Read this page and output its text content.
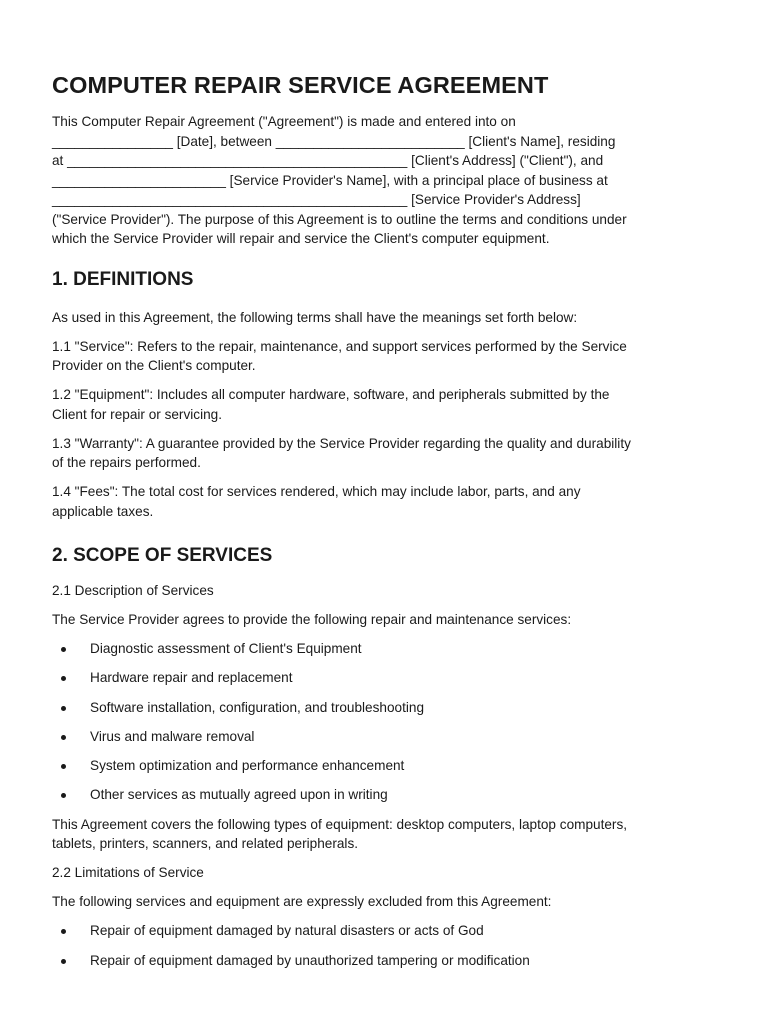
COMPUTER REPAIR SERVICE AGREEMENT
This Computer Repair Agreement ("Agreement") is made and entered into on
________________ [Date], between _________________________ [Client's Name], residing
at _____________________________________________ [Client's Address] ("Client"), and
_______________________ [Service Provider's Name], with a principal place of business at
_______________________________________________ [Service Provider's Address]
("Service Provider"). The purpose of this Agreement is to outline the terms and conditions under
which the Service Provider will repair and service the Client's computer equipment.
1. DEFINITIONS
As used in this Agreement, the following terms shall have the meanings set forth below:
1.1 "Service": Refers to the repair, maintenance, and support services performed by the Service
Provider on the Client's computer.
1.2 "Equipment": Includes all computer hardware, software, and peripherals submitted by the
Client for repair or servicing.
1.3 "Warranty": A guarantee provided by the Service Provider regarding the quality and durability
of the repairs performed.
1.4 "Fees": The total cost for services rendered, which may include labor, parts, and any
applicable taxes.
2. SCOPE OF SERVICES
2.1 Description of Services
The Service Provider agrees to provide the following repair and maintenance services:
Diagnostic assessment of Client's Equipment
Hardware repair and replacement
Software installation, configuration, and troubleshooting
Virus and malware removal
System optimization and performance enhancement
Other services as mutually agreed upon in writing
This Agreement covers the following types of equipment: desktop computers, laptop computers,
tablets, printers, scanners, and related peripherals.
2.2 Limitations of Service
The following services and equipment are expressly excluded from this Agreement:
Repair of equipment damaged by natural disasters or acts of God
Repair of equipment damaged by unauthorized tampering or modification
